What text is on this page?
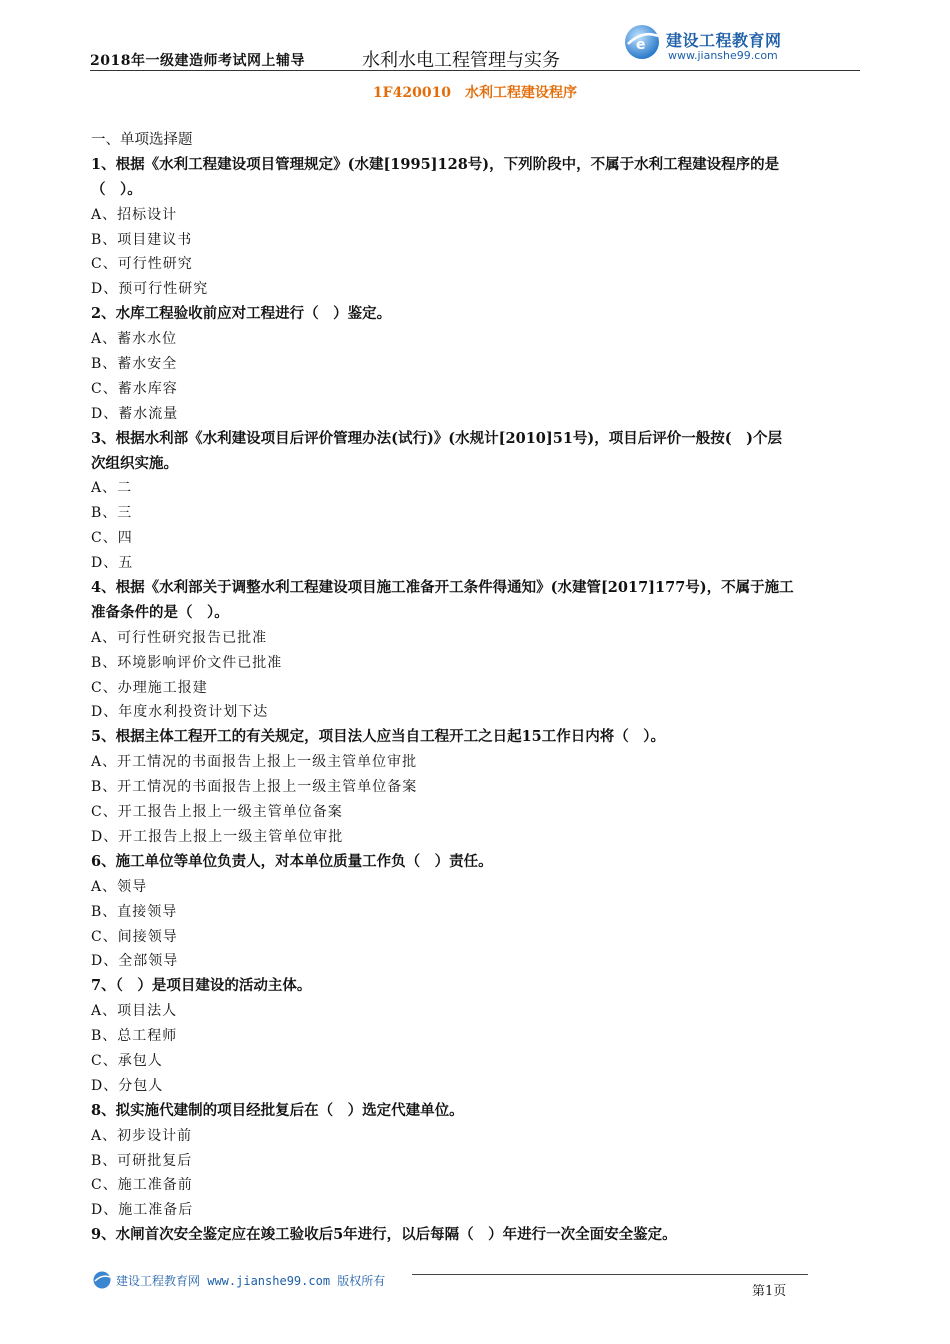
2018年一级建造师考试网上辅导	水利水电工程管理与实务
e 建设工程教育网
www.jianshe99.com
1F420010　水利工程建设程序
一、单项选择题
1、根据《水利工程建设项目管理规定》(水建[1995]128号)，下列阶段中，不属于水利工程建设程序的是
（　）。
A、招标设计
B、项目建议书
C、可行性研究
D、预可行性研究
2、水库工程验收前应对工程进行（　）鉴定。
A、蓄水水位
B、蓄水安全
C、蓄水库容
D、蓄水流量
3、根据水利部《水利建设项目后评价管理办法(试行)》(水规计[2010]51号)，项目后评价一般按(　)个层
次组织实施。
A、二
B、三
C、四
D、五
4、根据《水利部关于调整水利工程建设项目施工准备开工条件得通知》(水建管[2017]177号)，不属于施工
准备条件的是（　）。
A、可行性研究报告已批准
B、环境影响评价文件已批准
C、办理施工报建
D、年度水利投资计划下达
5、根据主体工程开工的有关规定，项目法人应当自工程开工之日起15工作日内将（　）。
A、开工情况的书面报告上报上一级主管单位审批
B、开工情况的书面报告上报上一级主管单位备案
C、开工报告上报上一级主管单位备案
D、开工报告上报上一级主管单位审批
6、施工单位等单位负责人，对本单位质量工作负（　）责任。
A、领导
B、直接领导
C、间接领导
D、全部领导
7、（　）是项目建设的活动主体。
A、项目法人
B、总工程师
C、承包人
D、分包人
8、拟实施代建制的项目经批复后在（　）选定代建单位。
A、初步设计前
B、可研批复后
C、施工准备前
D、施工准备后
9、水闸首次安全鉴定应在竣工验收后5年进行，以后每隔（　）年进行一次全面安全鉴定。
建设工程教育网 www.jianshe99.com 版权所有
第1页
